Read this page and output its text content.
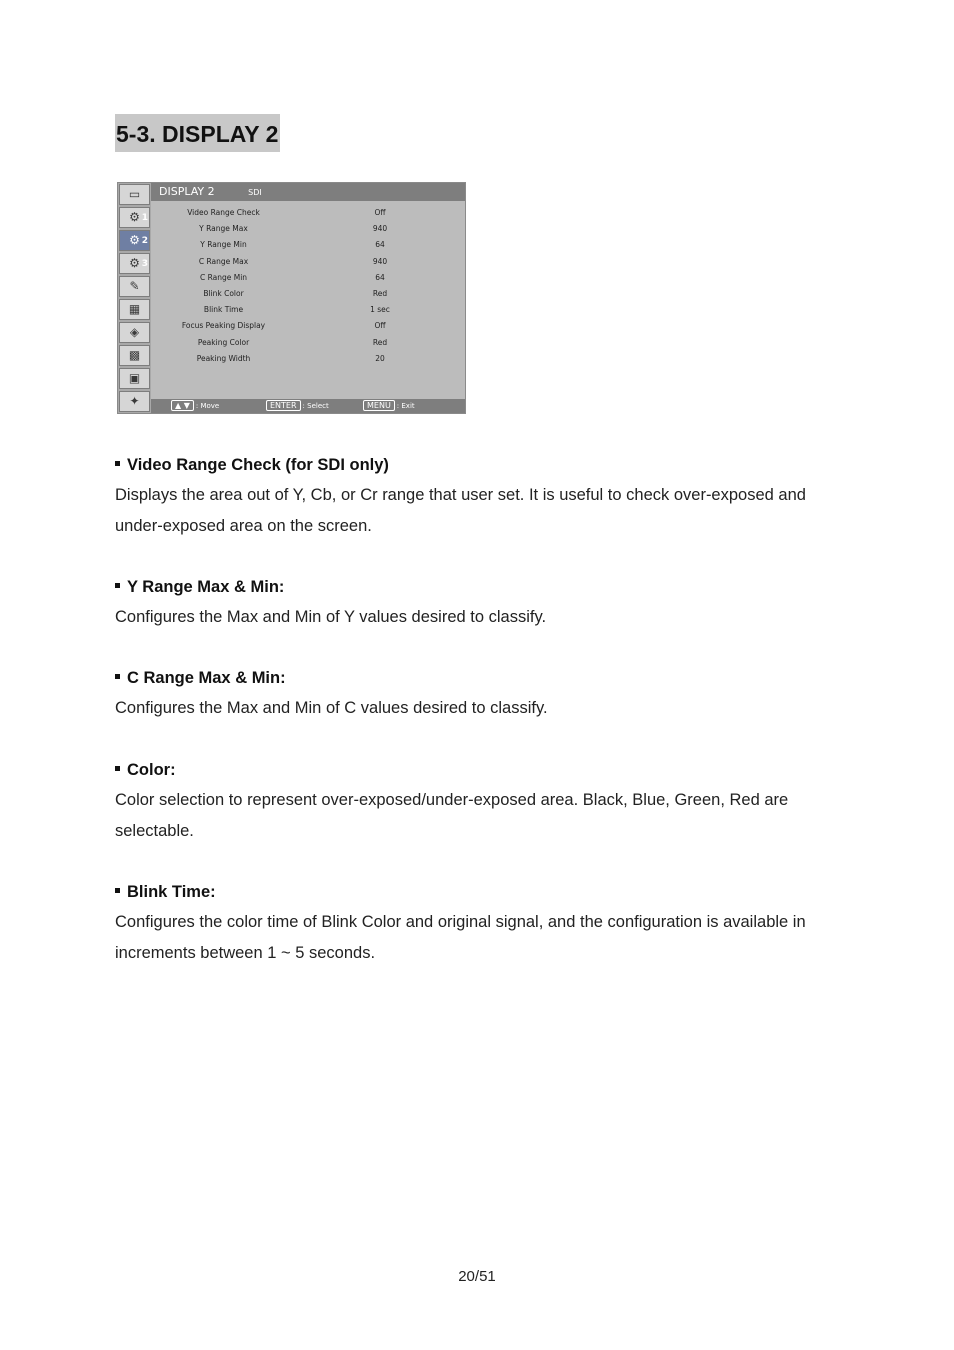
5-3. DISPLAY 2
▭
⚙ 1
⚙ 2
⚙ 3
✎
▦
◈
▩
▣
✦
DISPLAY 2	SDI
Video Range Check	Off
Y Range Max	940
Y Range Min	64
C Range Max	940
C Range Min	64
Blink Color	Red
Blink Time	1 sec
Focus Peaking Display	Off
Peaking Color	Red
Peaking Width	20
▲ ▼ : Move	ENTER : Select	MENU : Exit
Video Range Check (for SDI only)
Displays the area out of Y, Cb, or Cr range that user set. It is useful to check over-exposed and under-exposed area on the screen.
Y Range Max & Min:
Configures the Max and Min of Y values desired to classify.
C Range Max & Min:
Configures the Max and Min of C values desired to classify.
Color:
Color selection to represent over-exposed/under-exposed area. Black, Blue, Green, Red are selectable.
Blink Time:
Configures the color time of Blink Color and original signal, and the configuration is available in increments between 1 ~ 5 seconds.
20/51
